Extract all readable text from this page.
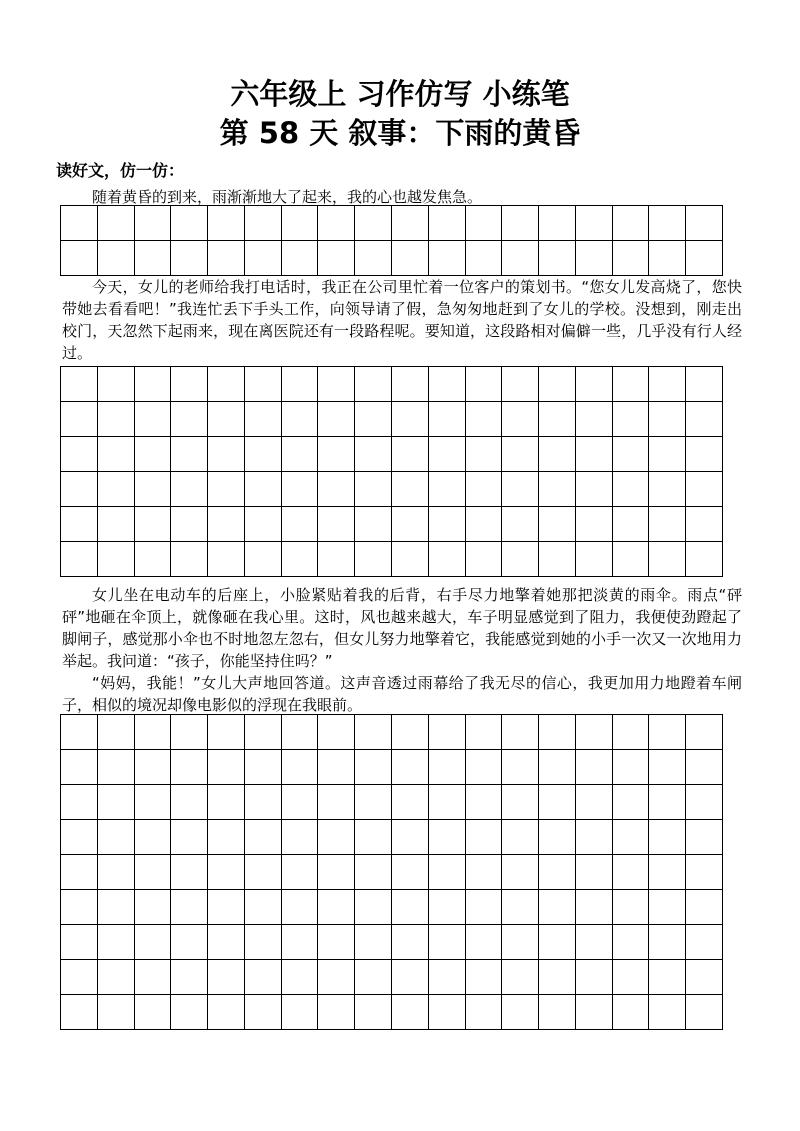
六年级上 习作仿写 小练笔
第 58 天 叙事：下雨的黄昏

读好文，仿一仿：

随着黄昏的到来，雨渐渐地大了起来，我的心也越发焦急。

今天，女儿的老师给我打电话时，我正在公司里忙着一位客户的策划书。“您女儿发高烧了，您快带她去看看吧！”我连忙丢下手头工作，向领导请了假，急匆匆地赶到了女儿的学校。没想到，刚走出校门，天忽然下起雨来，现在离医院还有一段路程呢。要知道，这段路相对偏僻一些，几乎没有行人经过。

女儿坐在电动车的后座上，小脸紧贴着我的后背，右手尽力地擎着她那把淡黄的雨伞。雨点“砰砰”地砸在伞顶上，就像砸在我心里。这时，风也越来越大，车子明显感觉到了阻力，我便使劲蹬起了脚闸子，感觉那小伞也不时地忽左忽右，但女儿努力地擎着它，我能感觉到她的小手一次又一次地用力举起。我问道：“孩子，你能坚持住吗？”

“妈妈，我能！”女儿大声地回答道。这声音透过雨幕给了我无尽的信心，我更加用力地蹬着车闸子，相似的境况却像电影似的浮现在我眼前。
